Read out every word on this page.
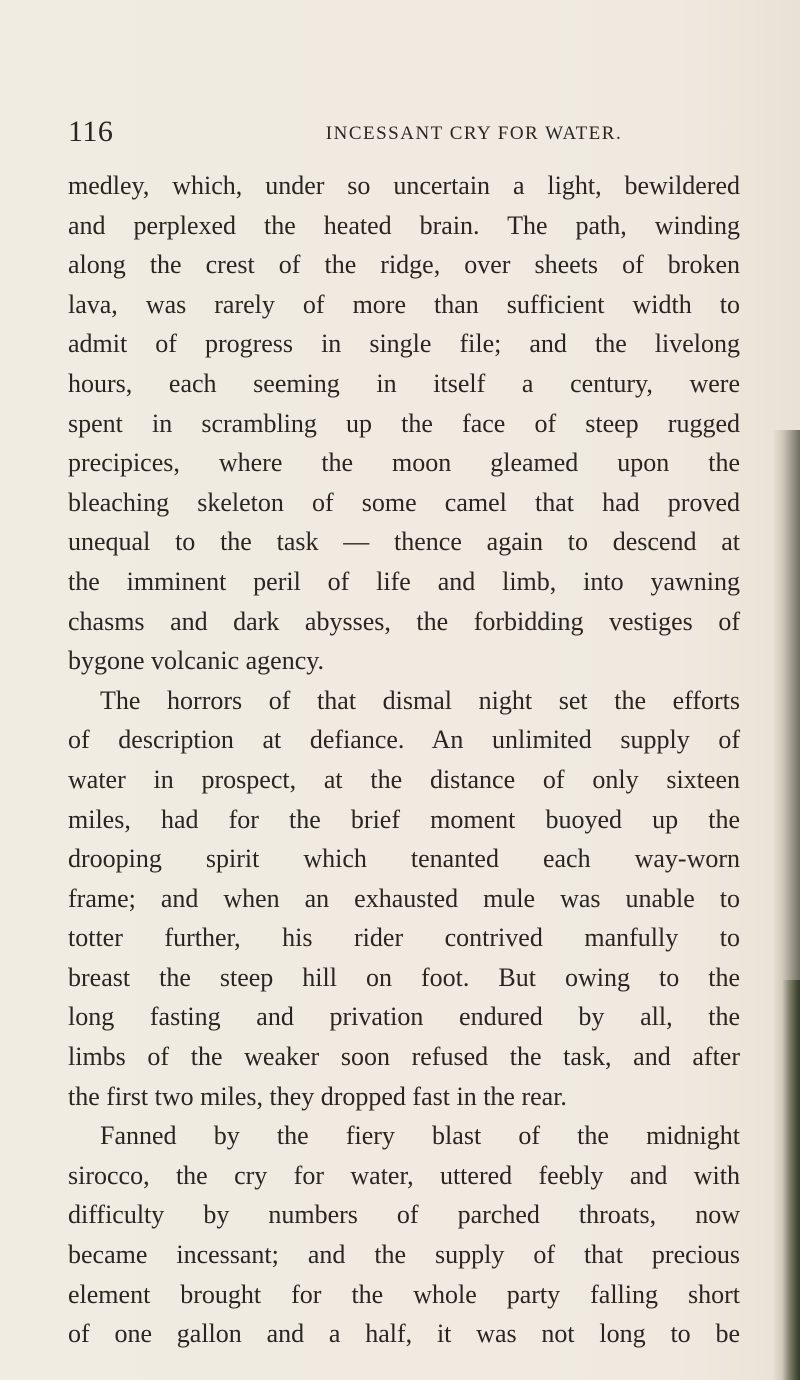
116	INCESSANT CRY FOR WATER.
medley, which, under so uncertain a light, bewildered
and perplexed the heated brain. The path, winding
along the crest of the ridge, over sheets of broken
lava, was rarely of more than sufficient width to
admit of progress in single file; and the livelong
hours, each seeming in itself a century, were
spent in scrambling up the face of steep rugged
precipices, where the moon gleamed upon the
bleaching skeleton of some camel that had proved
unequal to the task — thence again to descend at
the imminent peril of life and limb, into yawning
chasms and dark abysses, the forbidding vestiges of
bygone volcanic agency.
The horrors of that dismal night set the efforts
of description at defiance. An unlimited supply of
water in prospect, at the distance of only sixteen
miles, had for the brief moment buoyed up the
drooping spirit which tenanted each way-worn
frame; and when an exhausted mule was unable to
totter further, his rider contrived manfully to
breast the steep hill on foot. But owing to the
long fasting and privation endured by all, the
limbs of the weaker soon refused the task, and after
the first two miles, they dropped fast in the rear.
Fanned by the fiery blast of the midnight
sirocco, the cry for water, uttered feebly and with
difficulty by numbers of parched throats, now
became incessant; and the supply of that precious
element brought for the whole party falling short
of one gallon and a half, it was not long to be
